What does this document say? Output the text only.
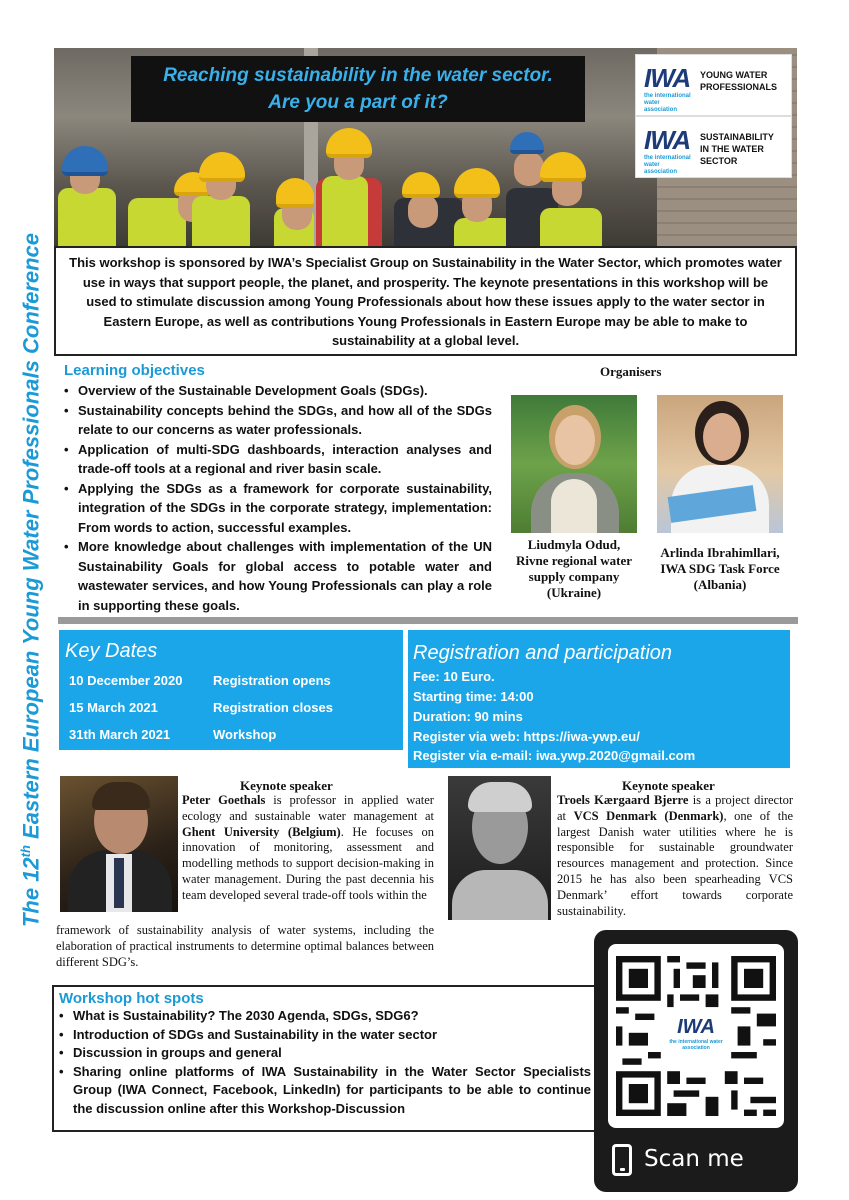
The 12th Eastern European Young Water Professionals Conference
Reaching sustainability in the water sector.
Are you a part of it?
IWA
the international
water association
YOUNG WATER
PROFESSIONALS
IWA
the international
water association
SUSTAINABILITY
IN THE WATER SECTOR
This workshop is sponsored by IWA’s Specialist Group on Sustainability in the Water Sector, which promotes water use in ways that support people, the planet, and prosperity. The keynote presentations in this workshop will be used to stimulate discussion among Young Professionals about how these issues apply to the water sector in Eastern Europe, as well as contributions Young Professionals in Eastern Europe may be able to make to sustainability at a global level.
Learning objectives
• Overview of the Sustainable Development Goals (SDGs).
• Sustainability concepts behind the SDGs, and how all of the SDGs relate to our concerns as water professionals.
• Application of multi-SDG dashboards, interaction analyses and trade-off tools at a regional and river basin scale.
• Applying the SDGs as a framework for corporate sustainability, integration of the SDGs in the corporate strategy, implementation: From words to action, successful examples.
• More knowledge about challenges with implementation of the UN Sustainability Goals for global access to potable water and wastewater services, and how Young Professionals can play a role in supporting these goals.
Organisers
Liudmyla Odud,
Rivne regional water
supply company
(Ukraine)
Arlinda Ibrahimllari,
IWA SDG Task Force
(Albania)
Key Dates
10 December 2020 Registration opens
15 March 2021	Registration closes
31th March 2021	Workshop
Registration and participation
Fee: 10 Euro.
Starting time: 14:00
Duration: 90 mins
Register via web: https://iwa-ywp.eu/
Register via e-mail: iwa.ywp.2020@gmail.com
Keynote speaker
Peter Goethals is professor in applied water ecology and sustainable water management at Ghent University (Belgium). He focuses on innovation of monitoring, assessment and modelling methods to support decision-making in water management. During the past decennia his team developed several trade-off tools within the
framework of sustainability analysis of water systems, including the elaboration of practical instruments to determine optimal balances between different SDG’s.
Keynote speaker
Troels Kærgaard Bjerre is a project director at VCS Denmark (Denmark), one of the largest Danish water utilities where he is responsible for sustainable groundwater resources management and protection. Since 2015 he has also been spearheading VCS Denmark’ effort towards corporate sustainability.
Workshop hot spots
• What is Sustainability? The 2030 Agenda, SDGs, SDG6?
• Introduction of SDGs and Sustainability in the water sector
• Discussion in groups and general
• Sharing online platforms of IWA Sustainability in the Water Sector Specialists Group (IWA Connect, Facebook, LinkedIn) for participants to be able to continue the discussion online after this Workshop-Discussion
IWA
the international water association
Scan me
